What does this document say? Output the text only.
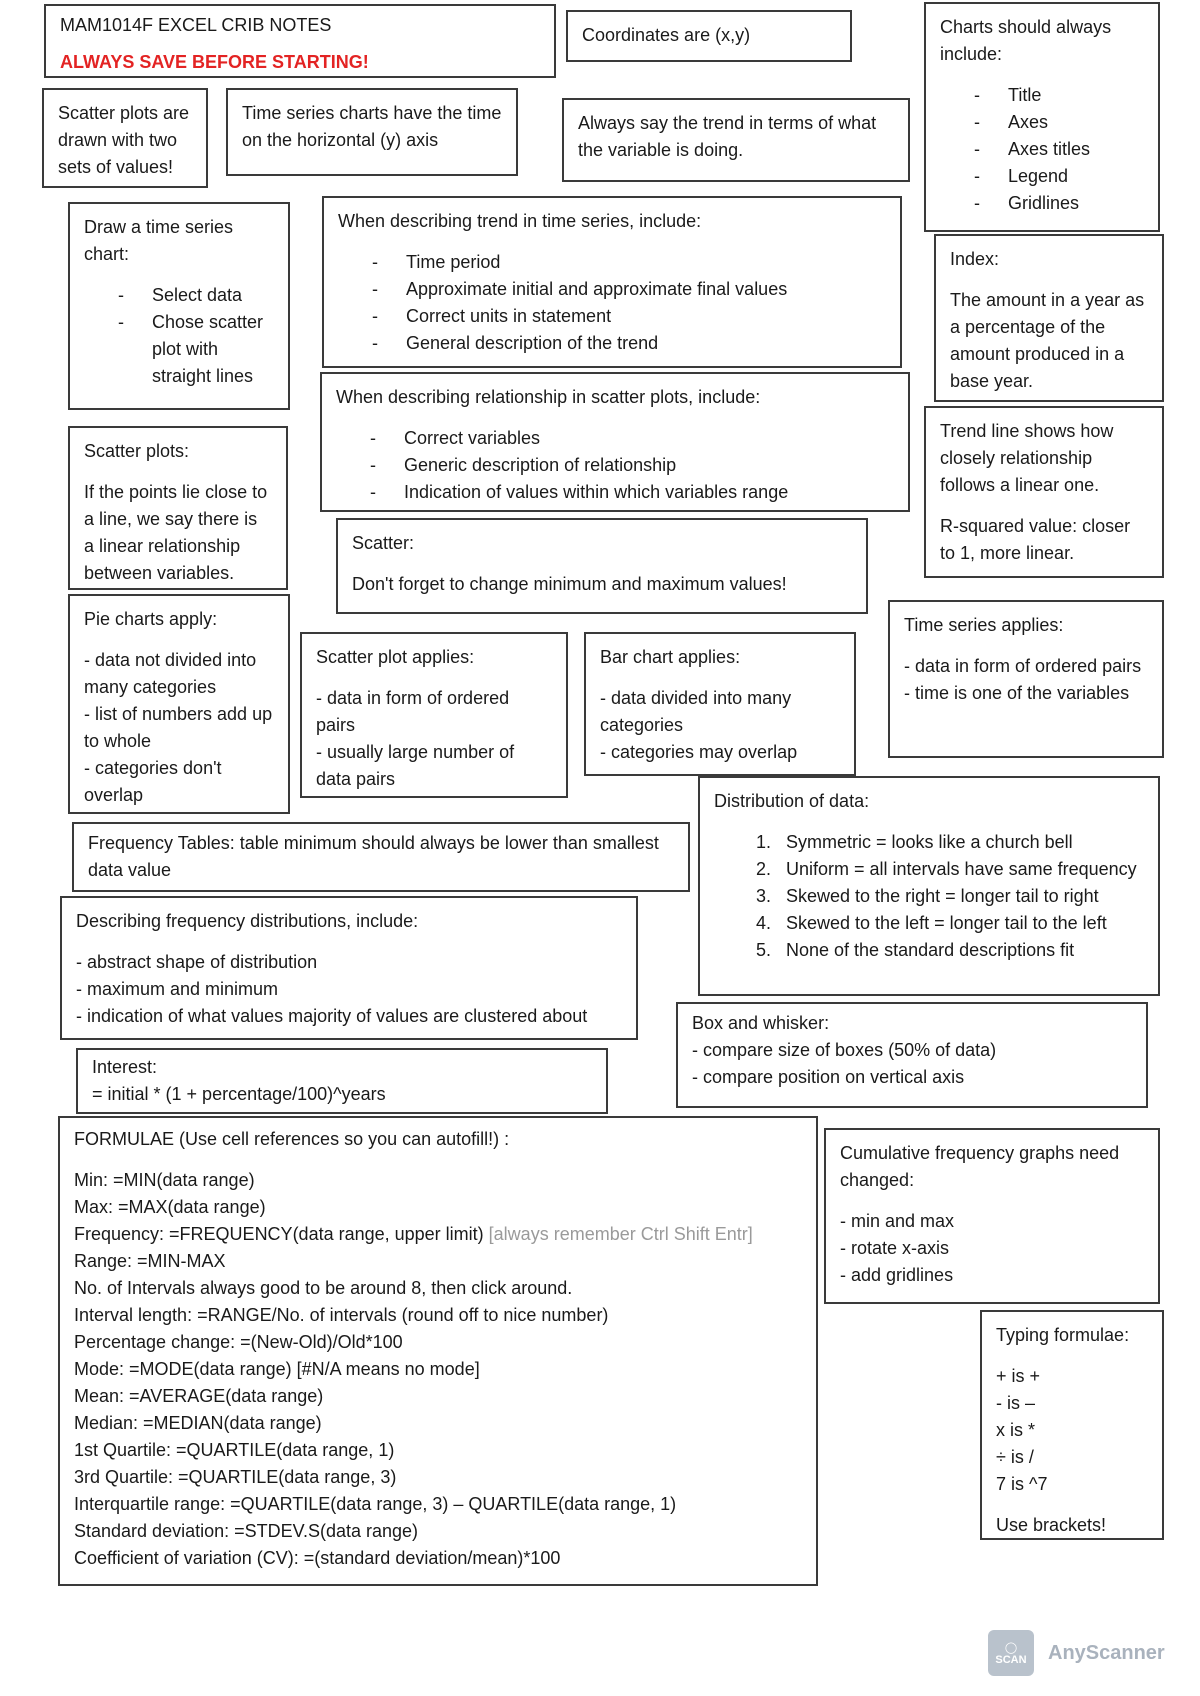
MAM1014F EXCEL CRIB NOTES

ALWAYS SAVE BEFORE STARTING!

Coordinates are (x,y)	Charts should always include:

- Title
- Axes
- Axes titles
- Legend
- Gridlines

Scatter plots are drawn with two sets of values!

Time series charts have the time on the horizontal (y) axis

Always say the trend in terms of what the variable is doing.

Draw a time series chart:

- Select data
- Chose scatter plot with straight lines

When describing trend in time series, include:

- Time period
- Approximate initial and approximate final values
- Correct units in statement
- General description of the trend

Index:

The amount in a year as a percentage of the amount produced in a base year.

When describing relationship in scatter plots, include:

- Correct variables
- Generic description of relationship
- Indication of values within which variables range

Trend line shows how closely relationship follows a linear one.

R-squared value: closer to 1, more linear.

Scatter plots:

If the points lie close to a line, we say there is a linear relationship between variables.

Scatter:

Don't forget to change minimum and maximum values!

Pie charts apply:

- data not divided into many categories

- list of numbers add up to whole

- categories don't overlap

Scatter plot applies:

- data in form of ordered pairs

- usually large number of data pairs

Bar chart applies:

- data divided into many categories

- categories may overlap

Time series applies:

- data in form of ordered pairs

- time is one of the variables

Distribution of data:

1. Symmetric = looks like a church bell
2. Uniform = all intervals have same frequency
3. Skewed to the right = longer tail to right
4. Skewed to the left = longer tail to the left
5. None of the standard descriptions fit

Frequency Tables: table minimum should always be lower than smallest data value

Describing frequency distributions, include:

- abstract shape of distribution

- maximum and minimum

- indication of what values majority of values are clustered about	Box and whisker:

- compare size of boxes (50% of data)

- compare position on vertical axis

Interest:

= initial * (1 + percentage/100)^years

FORMULAE (Use cell references so you can autofill!) :

Min: =MIN(data range)

Max: =MAX(data range)

Frequency: =FREQUENCY(data range, upper limit) [always remember Ctrl Shift Entr]

Range: =MIN-MAX

No. of Intervals always good to be around 8, then click around.

Interval length: =RANGE/No. of intervals (round off to nice number)

Percentage change: =(New-Old)/Old*100

Mode: =MODE(data range) [#N/A means no mode]

Mean: =AVERAGE(data range)

Median: =MEDIAN(data range)

1st Quartile: =QUARTILE(data range, 1)

3rd Quartile: =QUARTILE(data range, 3)

Interquartile range: =QUARTILE(data range, 3) – QUARTILE(data range, 1)

Standard deviation: =STDEV.S(data range)

Coefficient of variation (CV): =(standard deviation/mean)*100

Cumulative frequency graphs need changed:

- min and max

- rotate x-axis

- add gridlines

Typing formulae:

+ is +

- is –

x is *

÷ is /

7 is ^7

Use brackets!

◯
SCAN AnyScanner
